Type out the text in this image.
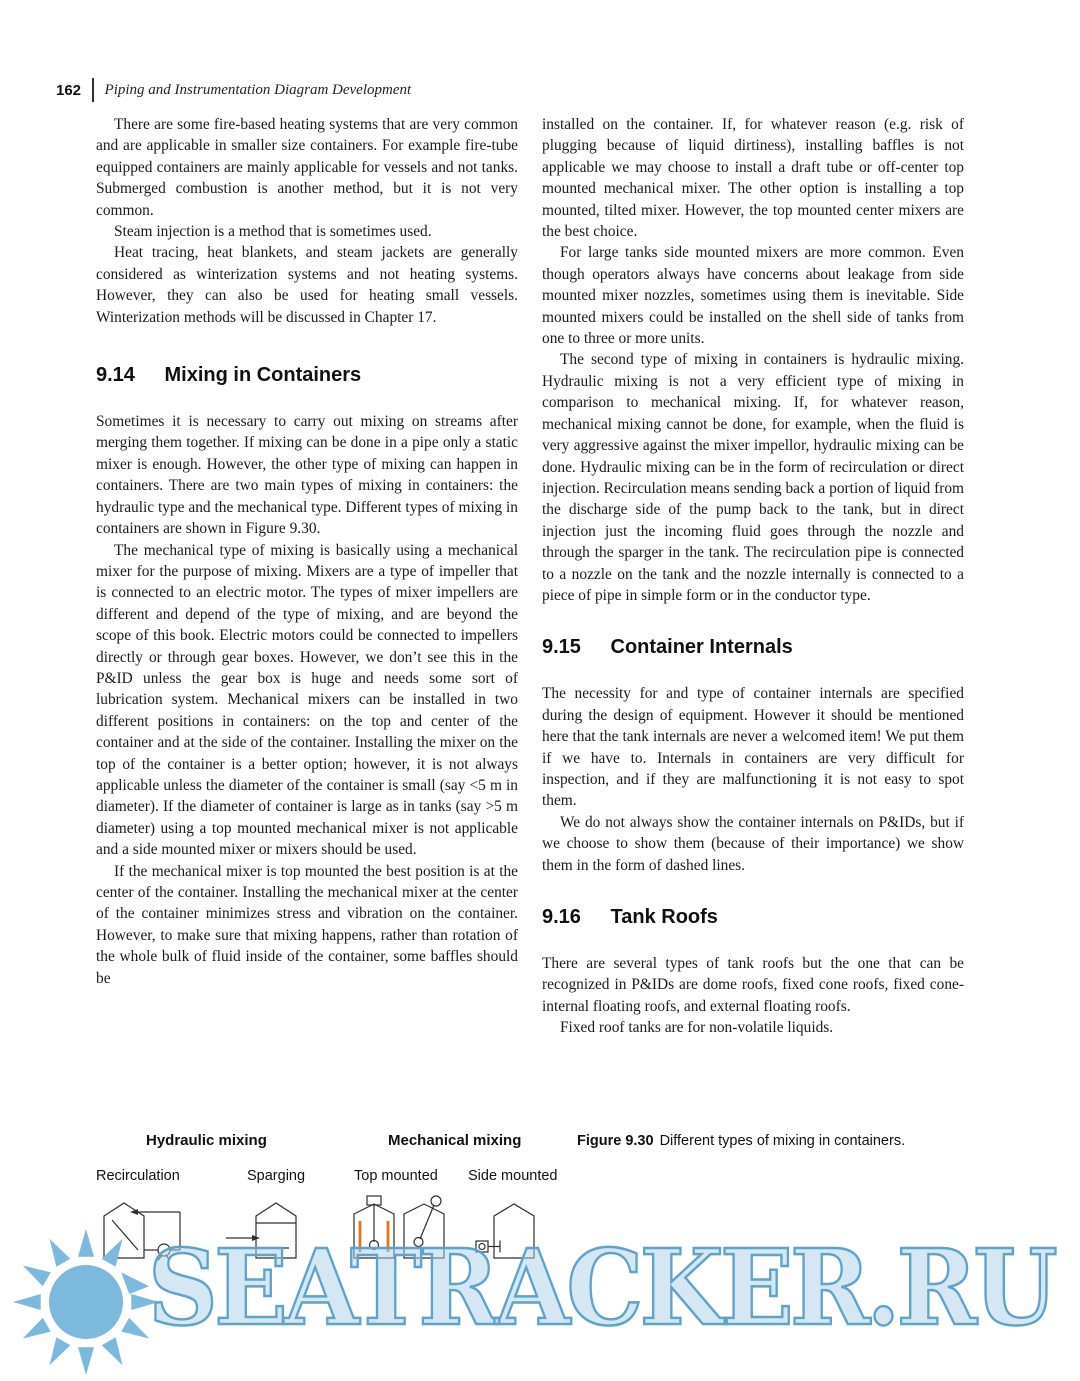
162 Piping and Instrumentation Diagram Development

There are some fire-based heating systems that are very common and are applicable in smaller size containers. For example fire-tube equipped containers are mainly applicable for vessels and not tanks. Submerged combustion is another method, but it is not very common.

Steam injection is a method that is sometimes used.

Heat tracing, heat blankets, and steam jackets are generally considered as winterization systems and not heating systems. However, they can also be used for heating small vessels. Winterization methods will be discussed in Chapter 17.

9.14 Mixing in Containers

Sometimes it is necessary to carry out mixing on streams after merging them together. If mixing can be done in a pipe only a static mixer is enough. However, the other type of mixing can happen in containers. There are two main types of mixing in containers: the hydraulic type and the mechanical type. Different types of mixing in containers are shown in Figure 9.30.

The mechanical type of mixing is basically using a mechanical mixer for the purpose of mixing. Mixers are a type of impeller that is connected to an electric motor. The types of mixer impellers are different and depend of the type of mixing, and are beyond the scope of this book. Electric motors could be connected to impellers directly or through gear boxes. However, we don’t see this in the P&ID unless the gear box is huge and needs some sort of lubrication system. Mechanical mixers can be installed in two different positions in containers: on the top and center of the container and at the side of the container. Installing the mixer on the top of the container is a better option; however, it is not always applicable unless the diameter of the container is small (say <5 m in diameter). If the diameter of container is large as in tanks (say >5 m diameter) using a top mounted mechanical mixer is not applicable and a side mounted mixer or mixers should be used.

If the mechanical mixer is top mounted the best position is at the center of the container. Installing the mechanical mixer at the center of the container minimizes stress and vibration on the container. However, to make sure that mixing happens, rather than rotation of the whole bulk of fluid inside of the container, some baffles should be

installed on the container. If, for whatever reason (e.g. risk of plugging because of liquid dirtiness), installing baffles is not applicable we may choose to install a draft tube or off-center top mounted mechanical mixer. The other option is installing a top mounted, tilted mixer. However, the top mounted center mixers are the best choice.

For large tanks side mounted mixers are more common. Even though operators always have concerns about leakage from side mounted mixer nozzles, sometimes using them is inevitable. Side mounted mixers could be installed on the shell side of tanks from one to three or more units.

The second type of mixing in containers is hydraulic mixing. Hydraulic mixing is not a very efficient type of mixing in comparison to mechanical mixing. If, for whatever reason, mechanical mixing cannot be done, for example, when the fluid is very aggressive against the mixer impellor, hydraulic mixing can be done. Hydraulic mixing can be in the form of recirculation or direct injection. Recirculation means sending back a portion of liquid from the discharge side of the pump back to the tank, but in direct injection just the incoming fluid goes through the nozzle and through the sparger in the tank. The recirculation pipe is connected to a nozzle on the tank and the nozzle internally is connected to a piece of pipe in simple form or in the conductor type.

9.15 Container Internals

The necessity for and type of container internals are specified during the design of equipment. However it should be mentioned here that the tank internals are never a welcomed item! We put them if we have to. Internals in containers are very difficult for inspection, and if they are malfunctioning it is not easy to spot them.

We do not always show the container internals on P&IDs, but if we choose to show them (because of their importance) we show them in the form of dashed lines.

9.16 Tank Roofs

There are several types of tank roofs but the one that can be recognized in P&IDs are dome roofs, fixed cone roofs, fixed cone-internal floating roofs, and external floating roofs.

Fixed roof tanks are for non-volatile liquids.

Hydraulic mixing	Mechanical mixing	Figure 9.30 Different types of mixing in containers.
Recirculation	Sparging	Top mounted Side mounted
SEATRACKER.RU
